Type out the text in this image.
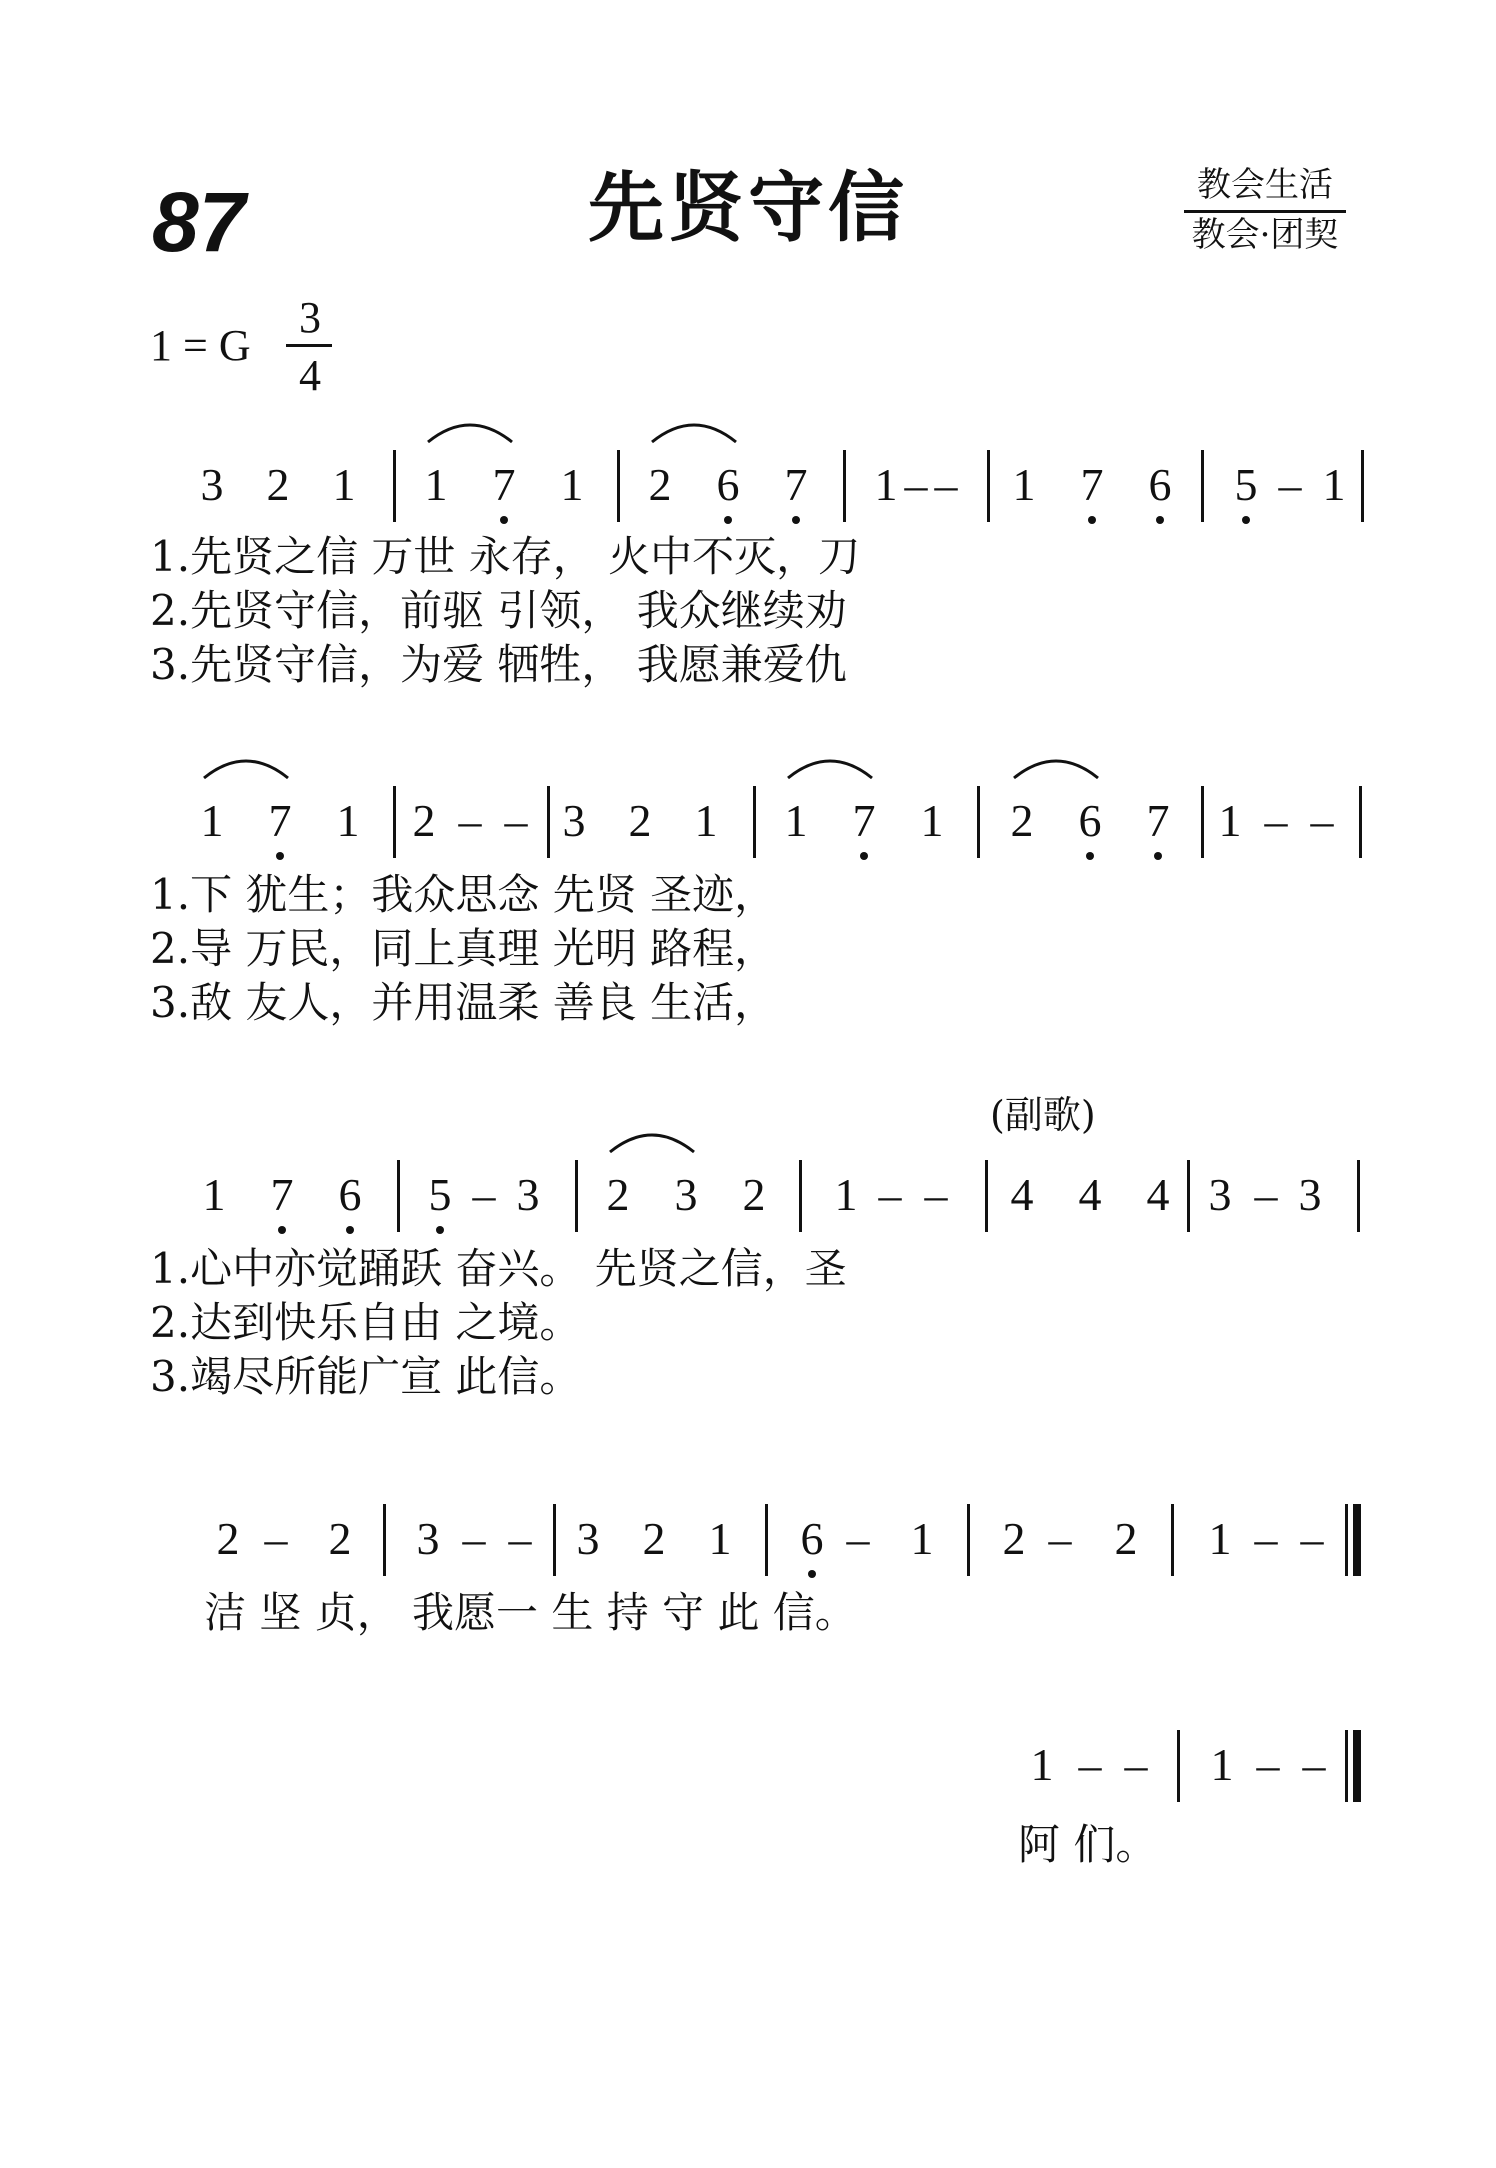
87	先贤守信	教会生活
教会·团契
1 = G
3
4
(副歌)
3 2 1 1 7 1 2 6 7 1 – – 1 7 6 5 – 1
1.先贤之信 万世 永存， 火中不灭，刀
2.先贤守信，前驱 引领， 我众继续劝
3.先贤守信，为爱 牺牲， 我愿兼爱仇
1 7 1 2 – – 3 2 1 1 7 1 2 6 7 1 – –
1.下 犹生；我众思念 先贤 圣迹，
2.导 万民，同上真理 光明 路程，
3.敌 友人，并用温柔 善良 生活，
1 7 6 5 – 3 2 3 2 1 – – 4 4 4 3 – 3
1.心中亦觉踊跃 奋兴。 先贤之信，圣
2.达到快乐自由 之境。
3.竭尽所能广宣 此信。
2 – 2 3 – – 3 2 1 6 – 1 2 – 2 1 – –
洁 坚 贞， 我愿一 生 持 守 此 信。
1 – – 1 – –
阿 们。
